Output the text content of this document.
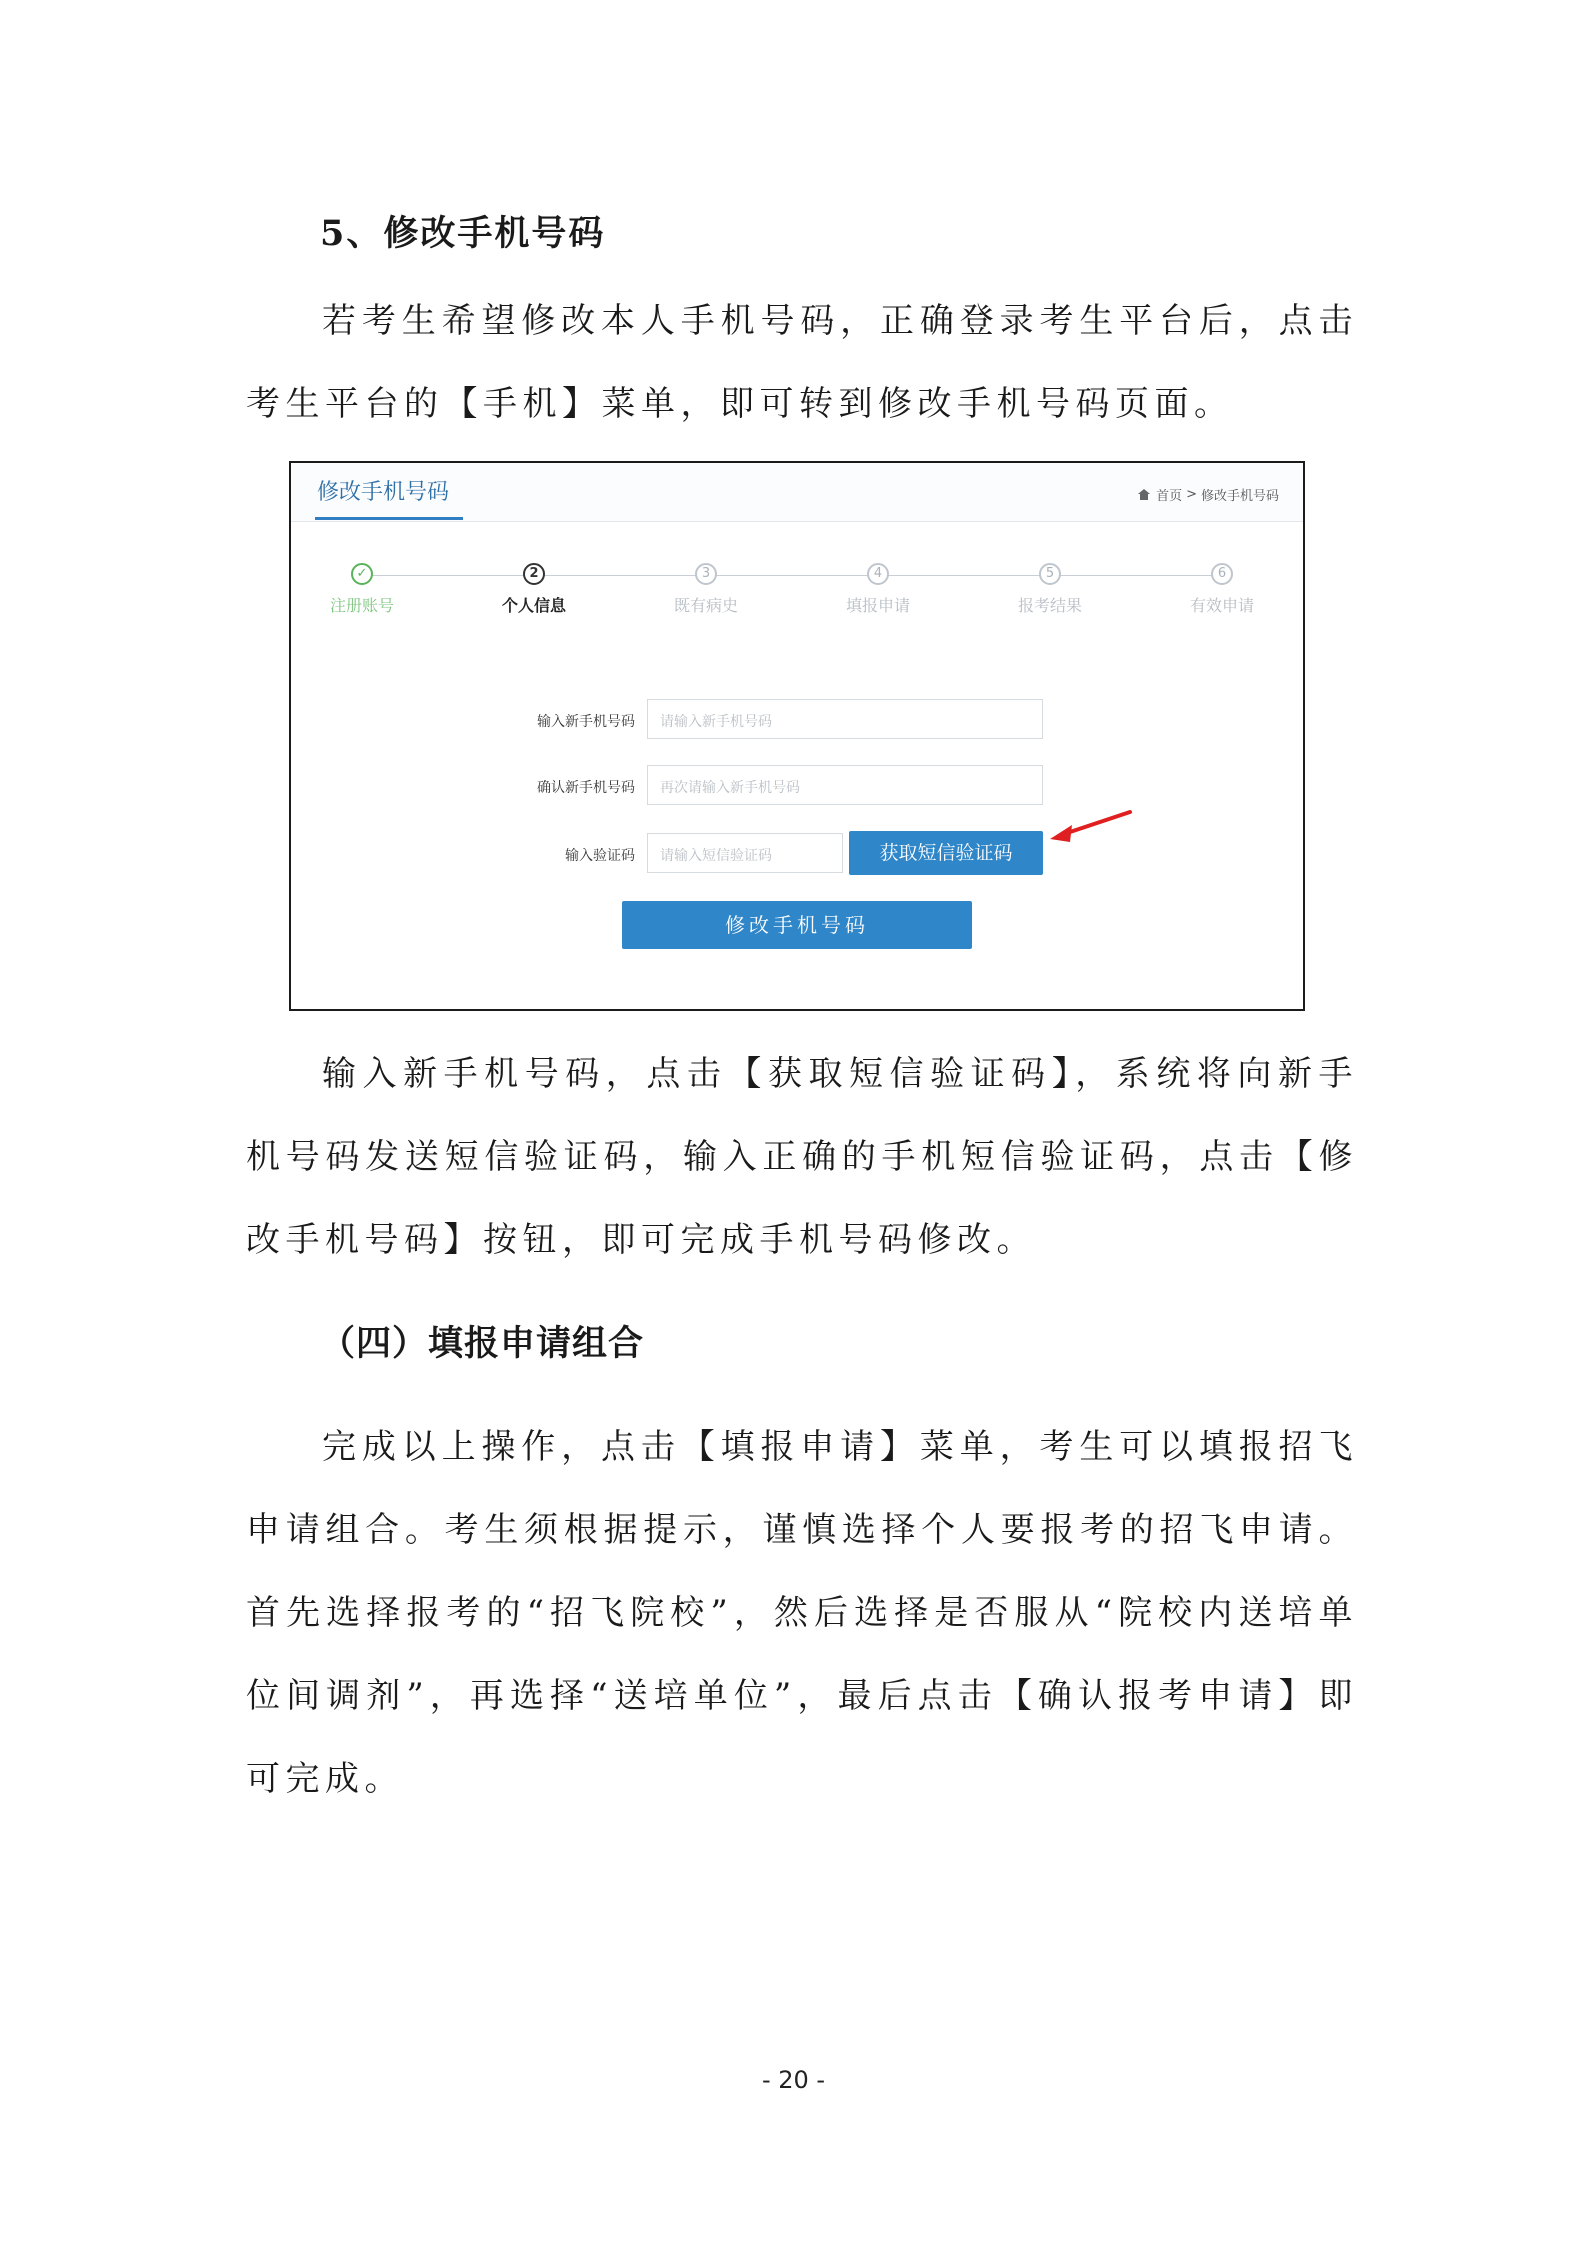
5、修改手机号码
若考生希望修改本人手机号码，正确登录考生平台后，点击考生平台的【手机】菜单，即可转到修改手机号码页面。
修改手机号码	首页 > 修改手机号码
✓
注册账号
2
个人信息
3
既有病史
4
填报申请
5
报考结果
6
有效申请
输入新手机号码	请输入新手机号码
确认新手机号码	再次请输入新手机号码
输入验证码	请输入短信验证码	获取短信验证码
修改手机号码
输入新手机号码，点击【获取短信验证码】，系统将向新手机号码发送短信验证码，输入正确的手机短信验证码，点击【修改手机号码】按钮，即可完成手机号码修改。
（四）填报申请组合
完成以上操作，点击【填报申请】菜单，考生可以填报招飞申请组合。考生须根据提示，谨慎选择个人要报考的招飞申请。首先选择报考的“招飞院校”，然后选择是否服从“院校内送培单位间调剂”，再选择“送培单位”，最后点击【确认报考申请】即可完成。
- 20 -
